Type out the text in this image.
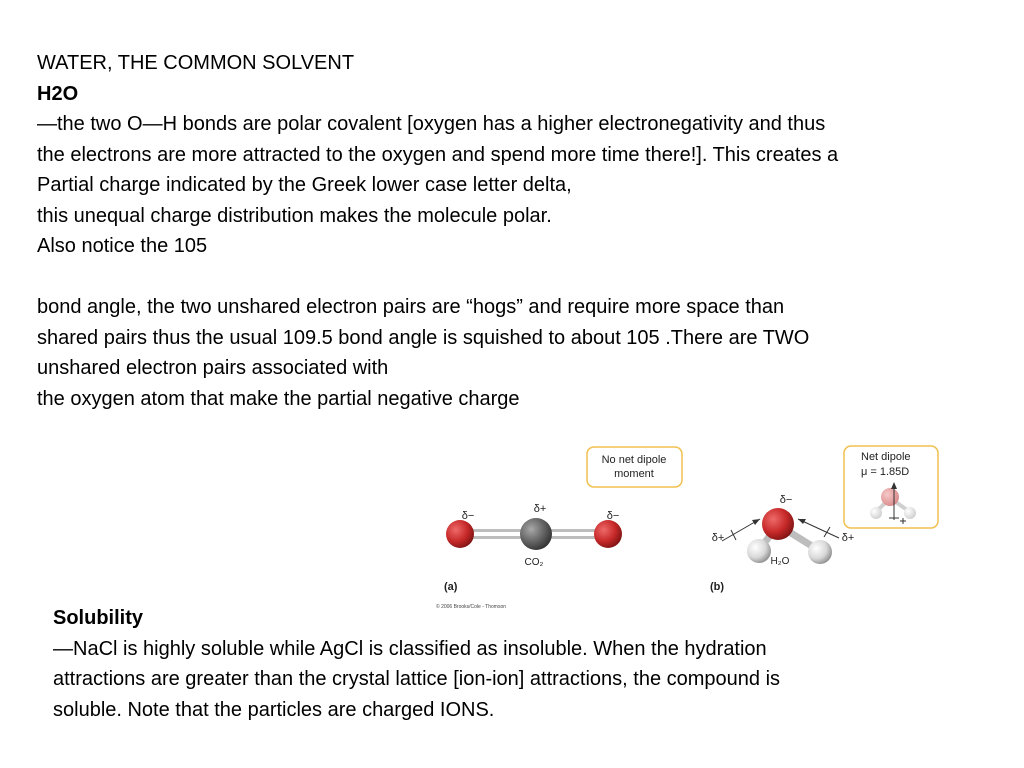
WATER, THE COMMON SOLVENT
H2O
—the two O—H bonds are polar covalent [oxygen has a higher electronegativity and thus
the electrons are more attracted to the oxygen and spend more time there!]. This creates a
Partial charge indicated by the Greek lower case letter delta,
this unequal charge distribution makes the molecule polar.
Also notice the 105
bond angle, the two unshared electron pairs are “hogs” and require more space than
shared pairs thus the usual 109.5 bond angle is squished to about 105 .There are TWO
unshared electron pairs associated with
the oxygen atom that make the partial negative charge
No net dipole
moment
δ−
δ+
δ−
CO₂
(a)
© 2006 Brooks/Cole - Thomson
δ−
δ+	δ+
H₂O
(b)
Net dipole
μ = 1.85D
Solubility
—NaCl is highly soluble while AgCl is classified as insoluble. When the hydration
attractions are greater than the crystal lattice [ion-ion] attractions, the compound is
soluble. Note that the particles are charged IONS.
